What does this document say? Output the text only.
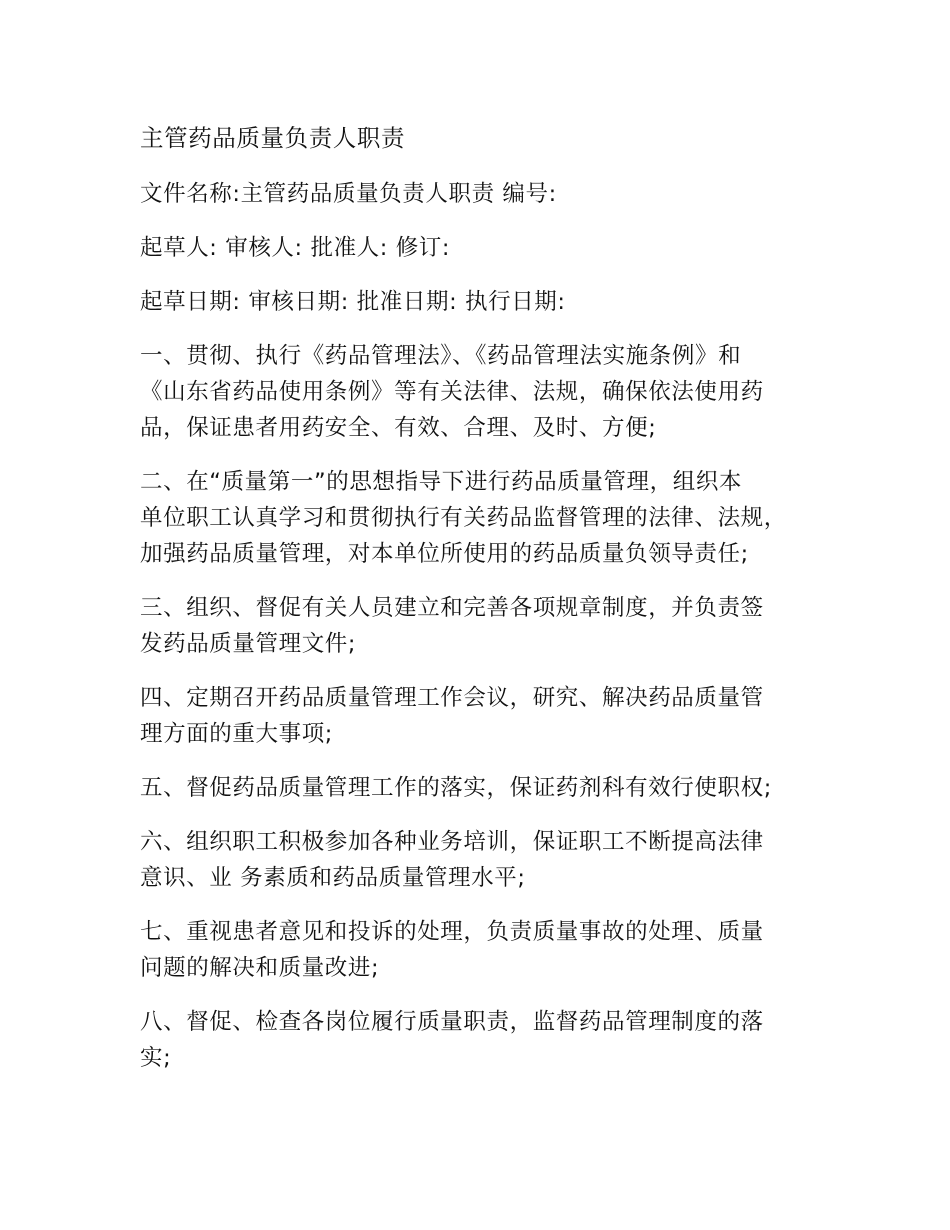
主管药品质量负责人职责

文件名称:主管药品质量负责人职责 编号:

起草人: 审核人: 批准人: 修订:

起草日期: 审核日期: 批准日期: 执行日期:

一、贯彻、执行《药品管理法》、《药品管理法实施条例》和
《山东省药品使用条例》等有关法律、法规，确保依法使用药
品，保证患者用药安全、有效、合理、及时、方便;

二、在“质量第一”的思想指导下进行药品质量管理，组织本
单位职工认真学习和贯彻执行有关药品监督管理的法律、法规，
加强药品质量管理，对本单位所使用的药品质量负领导责任;

三、组织、督促有关人员建立和完善各项规章制度，并负责签
发药品质量管理文件;

四、定期召开药品质量管理工作会议，研究、解决药品质量管
理方面的重大事项;

五、督促药品质量管理工作的落实，保证药剂科有效行使职权;

六、组织职工积极参加各种业务培训，保证职工不断提高法律
意识、业 务素质和药品质量管理水平;

七、重视患者意见和投诉的处理，负责质量事故的处理、质量
问题的解决和质量改进;

八、督促、检查各岗位履行质量职责，监督药品管理制度的落
实;
